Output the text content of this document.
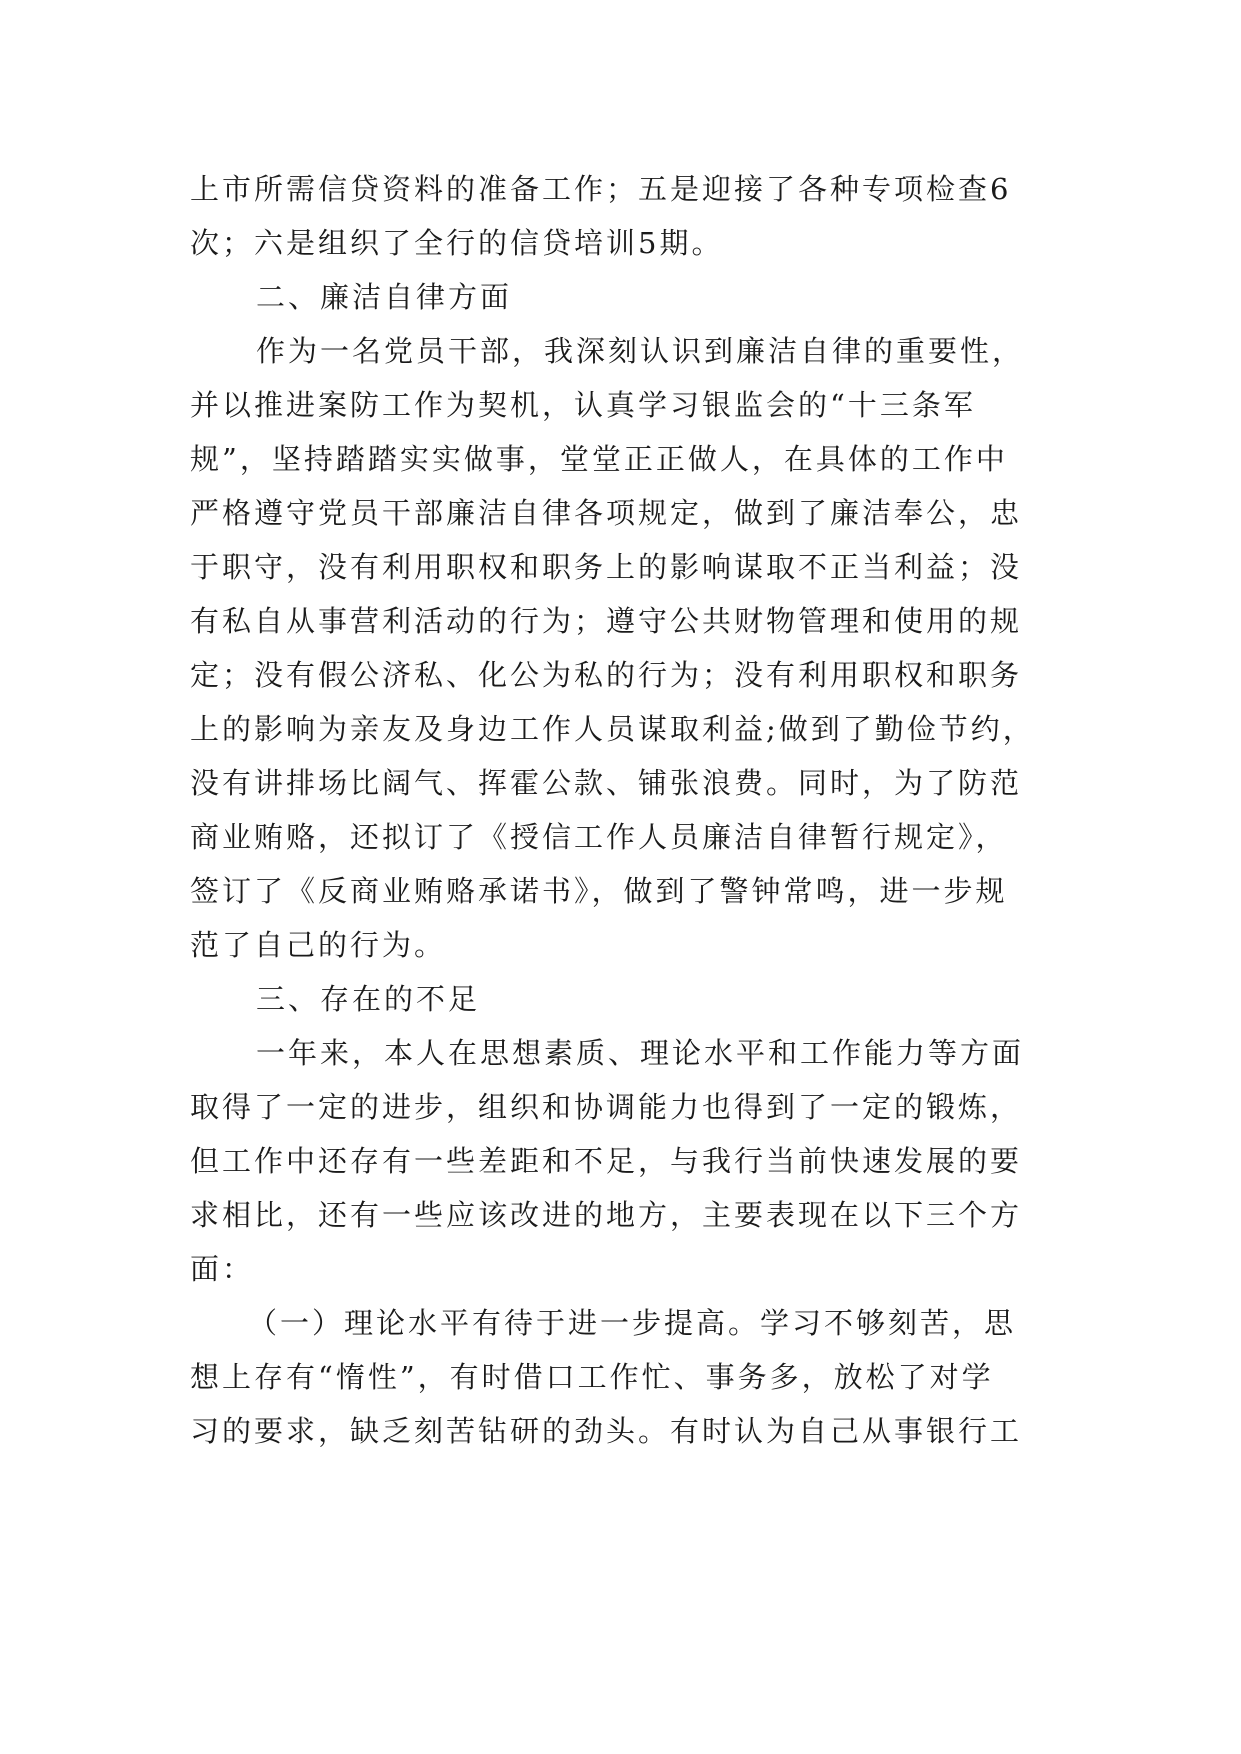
上市所需信贷资料的准备工作；五是迎接了各种专项检查6
次；六是组织了全行的信贷培训5期。
二、廉洁自律方面
作为一名党员干部，我深刻认识到廉洁自律的重要性，
并以推进案防工作为契机，认真学习银监会的“十三条军
规”，坚持踏踏实实做事，堂堂正正做人，在具体的工作中
严格遵守党员干部廉洁自律各项规定，做到了廉洁奉公，忠
于职守，没有利用职权和职务上的影响谋取不正当利益；没
有私自从事营利活动的行为；遵守公共财物管理和使用的规
定；没有假公济私、化公为私的行为；没有利用职权和职务
上的影响为亲友及身边工作人员谋取利益;做到了勤俭节约，
没有讲排场比阔气、挥霍公款、铺张浪费。同时，为了防范
商业贿赂，还拟订了《授信工作人员廉洁自律暂行规定》，
签订了《反商业贿赂承诺书》，做到了警钟常鸣，进一步规
范了自己的行为。
三、存在的不足
一年来，本人在思想素质、理论水平和工作能力等方面
取得了一定的进步，组织和协调能力也得到了一定的锻炼，
但工作中还存有一些差距和不足，与我行当前快速发展的要
求相比，还有一些应该改进的地方，主要表现在以下三个方
面：
（一）理论水平有待于进一步提高。学习不够刻苦，思
想上存有“惰性”，有时借口工作忙、事务多，放松了对学
习的要求，缺乏刻苦钻研的劲头。有时认为自己从事银行工
